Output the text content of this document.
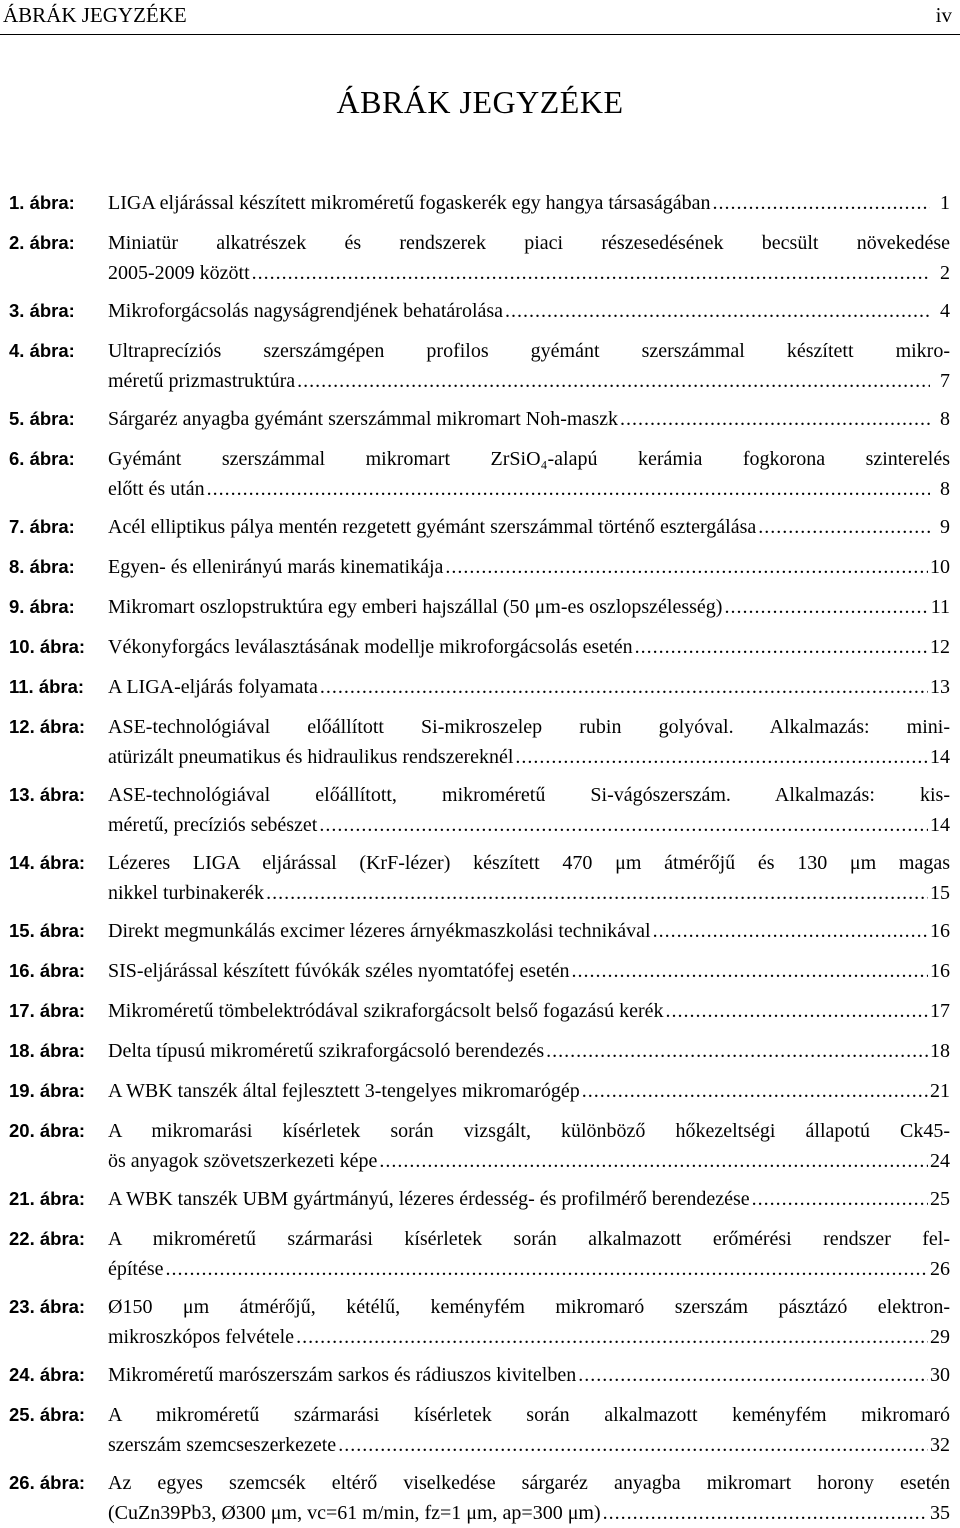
ÁBRÁK JEGYZÉKE	iv
ÁBRÁK JEGYZÉKE
1. ábra: LIGA eljárással készített mikroméretű fogaskerék egy hangya társaságában .....	1
2. ábra: Miniatür alkatrészek és rendszerek piaci részesedésének becsült növekedése
2005-2009 között .....	2
3. ábra: Mikroforgácsolás nagyságrendjének behatárolása .....	4
4. ábra: Ultraprecíziós szerszámgépen profilos gyémánt szerszámmal készített mikro-
méretű prizmastruktúra .....	7
5. ábra: Sárgaréz anyagba gyémánt szerszámmal mikromart Noh-maszk .....	8
6. ábra: Gyémánt szerszámmal mikromart ZrSiO₄-alapú kerámia fogkorona szinterelés
előtt és után .....	8
7. ábra: Acél elliptikus pálya mentén rezgetett gyémánt szerszámmal történő esztergálása .....	9
8. ábra: Egyen- és ellenirányú marás kinematikája .....	10
9. ábra: Mikromart oszlopstruktúra egy emberi hajszállal (50 μm-es oszlopszélesség) .....	11
10. ábra: Vékonyforgács leválasztásának modellje mikroforgácsolás esetén .....	12
11. ábra: A LIGA-eljárás folyamata .....	13
12. ábra: ASE-technológiával előállított Si-mikroszelep rubin golyóval. Alkalmazás: mini-
atürizált pneumatikus és hidraulikus rendszereknél .....	14
13. ábra: ASE-technológiával előállított, mikroméretű Si-vágószerszám. Alkalmazás: kis-
méretű, precíziós sebészet .....	14
14. ábra: Lézeres LIGA eljárással (KrF-lézer) készített 470 μm átmérőjű és 130 μm magas
nikkel turbinakerék .....	15
15. ábra: Direkt megmunkálás excimer lézeres árnyékmaszkolási technikával .....	16
16. ábra: SIS-eljárással készített fúvókák széles nyomtatófej esetén .....	16
17. ábra: Mikroméretű tömbelektródával szikraforgácsolt belső fogazású kerék .....	17
18. ábra: Delta típusú mikroméretű szikraforgácsoló berendezés .....	18
19. ábra: A WBK tanszék által fejlesztett 3-tengelyes mikromarógép .....	21
20. ábra: A mikromarási kísérletek során vizsgált, különböző hőkezeltségi állapotú Ck45-
ös anyagok szövetszerkezeti képe .....	24
21. ábra: A WBK tanszék UBM gyártmányú, lézeres érdesség- és profilmérő berendezése .....	25
22. ábra: A mikroméretű szármarási kísérletek során alkalmazott erőmérési rendszer fel-
építése .....	26
23. ábra: Ø150 μm átmérőjű, kétélű, keményfém mikromaró szerszám pásztázó elektron-
mikroszkópos felvétele .....	29
24. ábra: Mikroméretű marószerszám sarkos és rádiuszos kivitelben .....	30
25. ábra: A mikroméretű szármarási kísérletek során alkalmazott keményfém mikromaró
szerszám szemcseszerkezete .....	32
26. ábra: Az egyes szemcsék eltérő viselkedése sárgaréz anyagba mikromart horony esetén
(CuZn39Pb3, Ø300 μm, vc=61 m/min, fz=1 μm, ap=300 μm) .....	35
